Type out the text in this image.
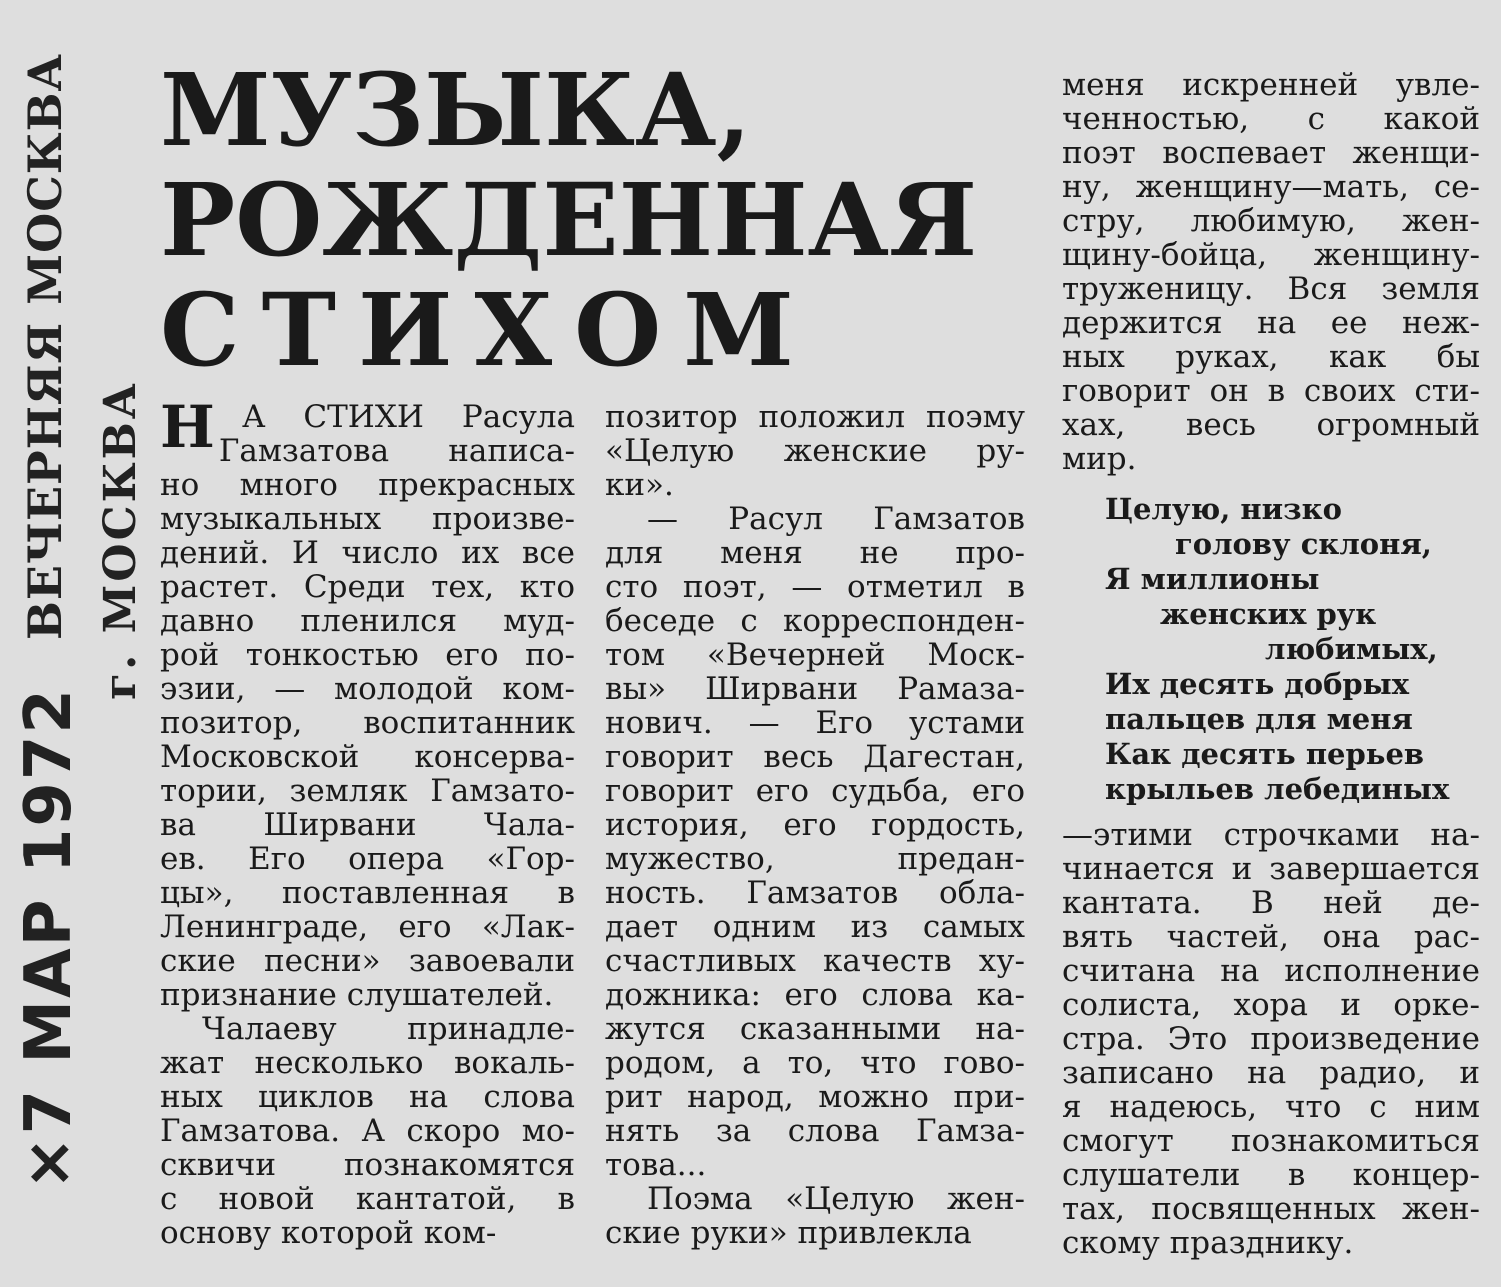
×7 МАР 1972
ВЕЧЕРНЯЯ МОСКВА г. МОСКВА
МУЗЫКА,
РОЖДЕННАЯ
СТИХОМ
Н А СТИХИ Расула
Гамзатова написа-
но много прекрасных
музыкальных произве-
дений. И число их все
растет. Среди тех, кто
давно пленился муд-
рой тонкостью его по-
эзии, — молодой ком-
позитор, воспитанник
Московской консерва-
тории, земляк Гамзато-
ва Ширвани Чала-
ев. Его опера «Гор-
цы», поставленная в
Ленинграде, его «Лак-
ские песни» завоевали
признание слушателей.
Чалаеву принадле-
жат несколько вокаль-
ных циклов на слова
Гамзатова. А скоро мо-
сквичи познакомятся
с новой кантатой, в
основу которой ком-
позитор положил поэму
«Целую женские ру-
ки».
— Расул Гамзатов
для меня не про-
сто поэт, — отметил в
беседе с корреспонден-
том «Вечерней Моск-
вы» Ширвани Рамаза-
нович. — Его устами
говорит весь Дагестан,
говорит его судьба, его
история, его гордость,
мужество, предан-
ность. Гамзатов обла-
дает одним из самых
счастливых качеств ху-
дожника: его слова ка-
жутся сказанными на-
родом, а то, что гово-
рит народ, можно при-
нять за слова Гамза-
това...
Поэма «Целую жен-
ские руки» привлекла
меня искренней увле-
ченностью, с какой
поэт воспевает женщи-
ну, женщину—мать, се-
стру, любимую, жен-
щину-бойца, женщину-
труженицу. Вся земля
держится на ее неж-
ных руках, как бы
говорит он в своих сти-
хах, весь огромный
мир.
Целую, низко
голову склоня,
Я миллионы
женских рук
любимых,
Их десять добрых
пальцев для меня
Как десять перьев
крыльев лебединых
—этими строчками на-
чинается и завершается
кантата. В ней де-
вять частей, она рас-
считана на исполнение
солиста, хора и орке-
стра. Это произведение
записано на радио, и
я надеюсь, что с ним
смогут познакомиться
слушатели в концер-
тах, посвященных жен-
скому празднику.
